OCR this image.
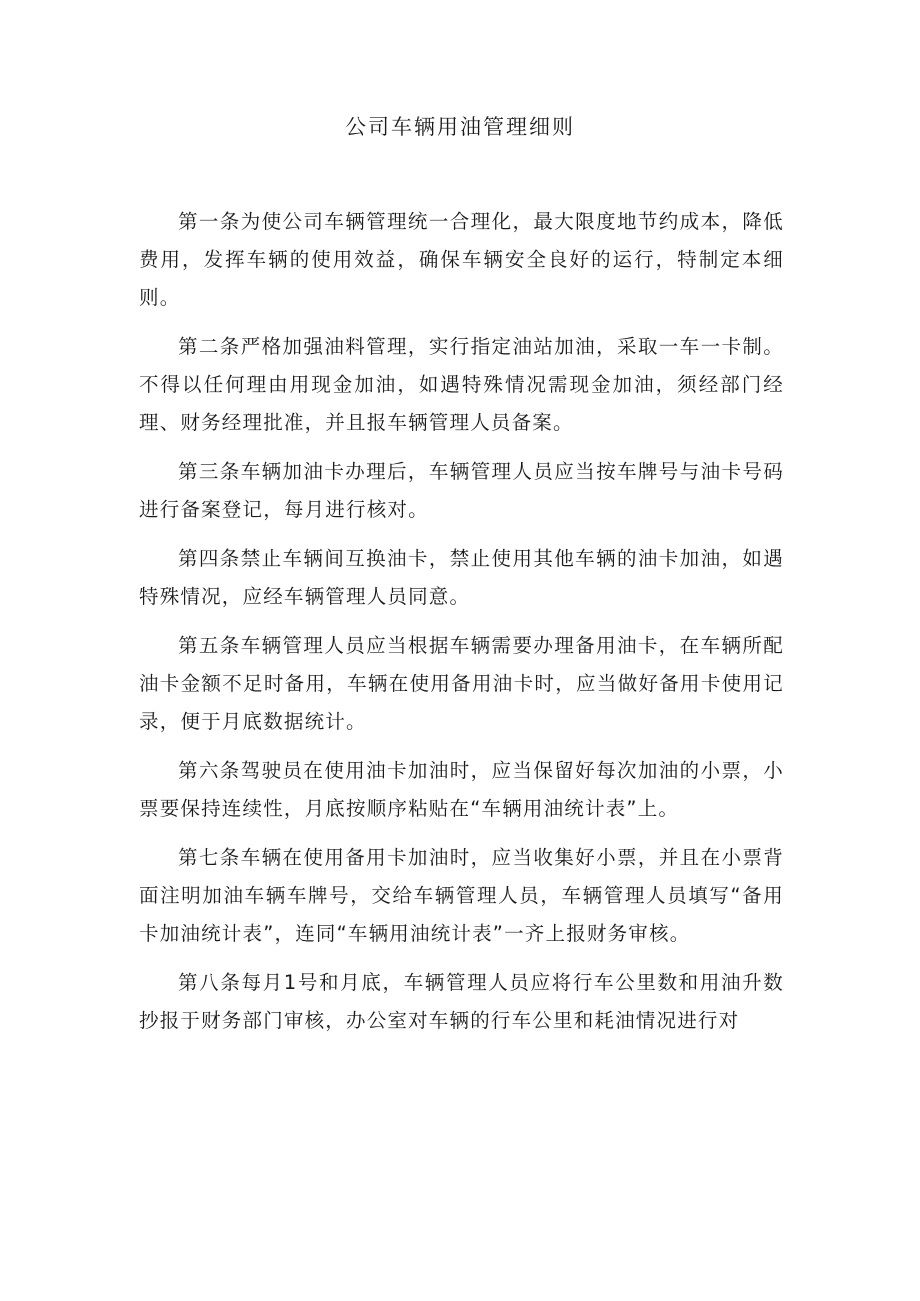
公司车辆用油管理细则

第一条为使公司车辆管理统一合理化，最大限度地节约成本，降低费用，发挥车辆的使用效益，确保车辆安全良好的运行，特制定本细则。

第二条严格加强油料管理，实行指定油站加油，采取一车一卡制。不得以任何理由用现金加油，如遇特殊情况需现金加油，须经部门经理、财务经理批准，并且报车辆管理人员备案。

第三条车辆加油卡办理后，车辆管理人员应当按车牌号与油卡号码进行备案登记，每月进行核对。

第四条禁止车辆间互换油卡，禁止使用其他车辆的油卡加油，如遇特殊情况，应经车辆管理人员同意。

第五条车辆管理人员应当根据车辆需要办理备用油卡，在车辆所配油卡金额不足时备用，车辆在使用备用油卡时，应当做好备用卡使用记录，便于月底数据统计。

第六条驾驶员在使用油卡加油时，应当保留好每次加油的小票，小票要保持连续性，月底按顺序粘贴在“车辆用油统计表”上。

第七条车辆在使用备用卡加油时，应当收集好小票，并且在小票背面注明加油车辆车牌号，交给车辆管理人员，车辆管理人员填写“备用卡加油统计表”，连同“车辆用油统计表”一齐上报财务审核。

第八条每月1号和月底，车辆管理人员应将行车公里数和用油升数抄报于财务部门审核，办公室对车辆的行车公里和耗油情况进行对
